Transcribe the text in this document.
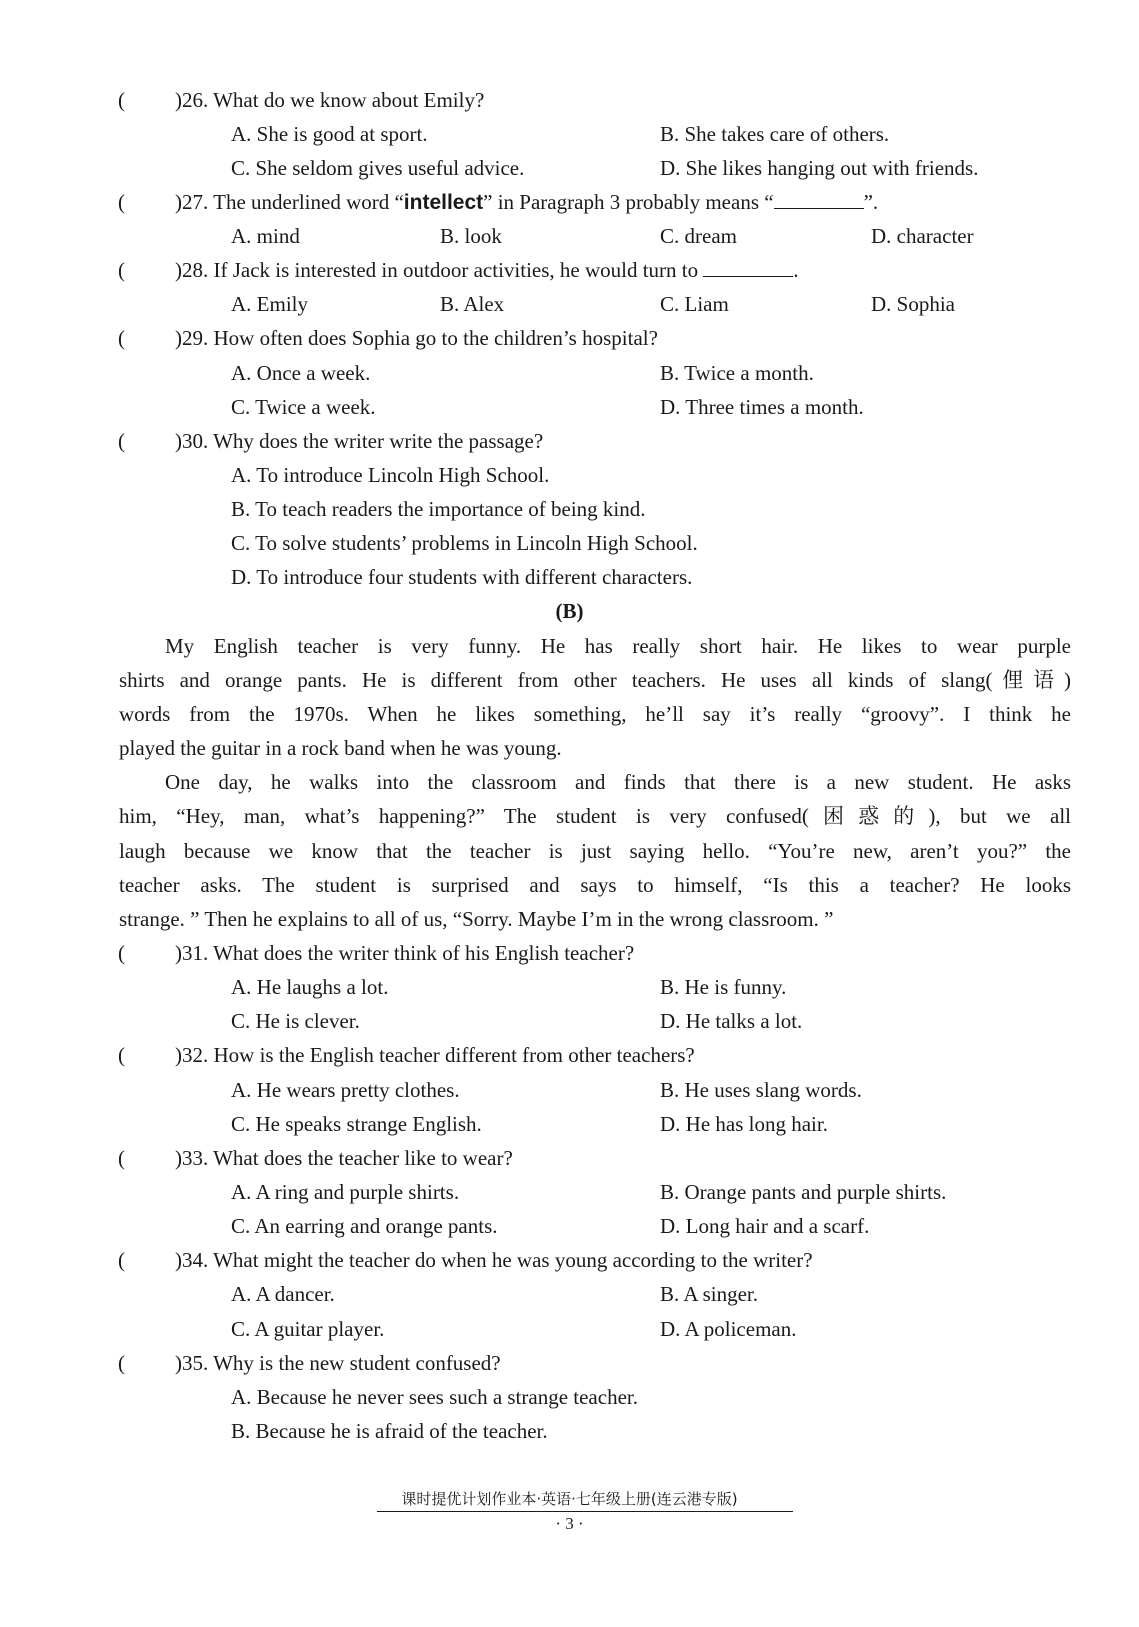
( )26. What do we know about Emily?
A. She is good at sport.	B. She takes care of others.
C. She seldom gives useful advice.	D. She likes hanging out with friends.
( )27. The underlined word “intellect” in Paragraph 3 probably means “	”.
A. mind	B. look	C. dream	D. character
( )28. If Jack is interested in outdoor activities, he would turn to	.
A. Emily	B. Alex	C. Liam	D. Sophia
( )29. How often does Sophia go to the children’s hospital?
A. Once a week.	B. Twice a month.
C. Twice a week.	D. Three times a month.
( )30. Why does the writer write the passage?
A. To introduce Lincoln High School.
B. To teach readers the importance of being kind.
C. To solve students’ problems in Lincoln High School.
D. To introduce four students with different characters.
(B)
My English teacher is very funny. He has really short hair. He likes to wear purple
shirts and orange pants. He is different from other teachers. He uses all kinds of slang(俚语)
words from the 1970s. When he likes something, he’ll say it’s really “groovy”. I think he
played the guitar in a rock band when he was young.
One day, he walks into the classroom and finds that there is a new student. He asks
him, “Hey, man, what’s happening?” The student is very confused(困惑的), but we all
laugh because we know that the teacher is just saying hello. “You’re new, aren’t you?” the
teacher asks. The student is surprised and says to himself, “Is this a teacher? He looks
strange. ” Then he explains to all of us, “Sorry. Maybe I’m in the wrong classroom. ”
( )31. What does the writer think of his English teacher?
A. He laughs a lot.	B. He is funny.
C. He is clever.	D. He talks a lot.
( )32. How is the English teacher different from other teachers?
A. He wears pretty clothes.	B. He uses slang words.
C. He speaks strange English.	D. He has long hair.
( )33. What does the teacher like to wear?
A. A ring and purple shirts.	B. Orange pants and purple shirts.
C. An earring and orange pants.	D. Long hair and a scarf.
( )34. What might the teacher do when he was young according to the writer?
A. A dancer.	B. A singer.
C. A guitar player.	D. A policeman.
( )35. Why is the new student confused?
A. Because he never sees such a strange teacher.
B. Because he is afraid of the teacher.
课时提优计划作业本·英语·七年级上册(连云港专版)
· 3 ·
